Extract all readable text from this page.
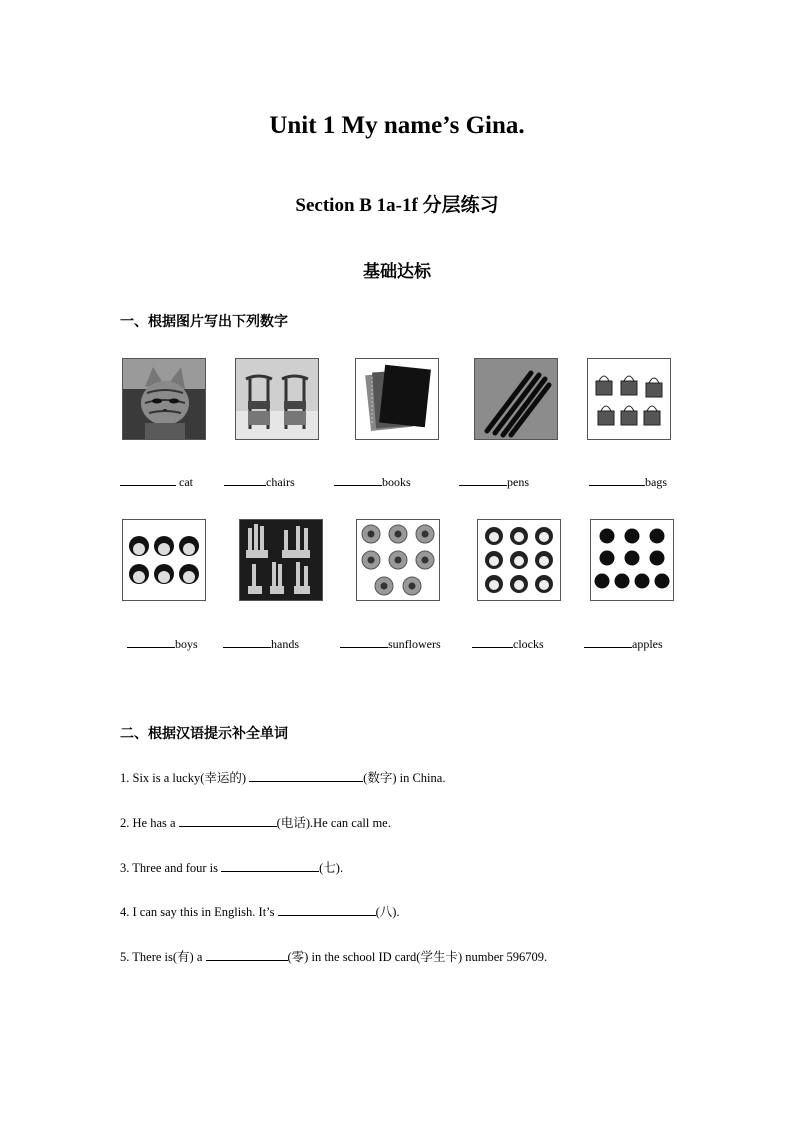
Unit 1 My name’s Gina.
Section B 1a-1f 分层练习
基础达标
一、根据图片写出下列数字
cat	chairs	books	pens	bags
boys	hands	sunflowers	clocks	apples
二、根据汉语提示补全单词
1. Six is a lucky(幸运的)	(数字) in China.
2. He has a	(电话).He can call me.
3. Three and four is	(七).
4. I can say this in English. It’s	(八).
5. There is(有) a	(零) in the school ID card(学生卡) number 596709.
